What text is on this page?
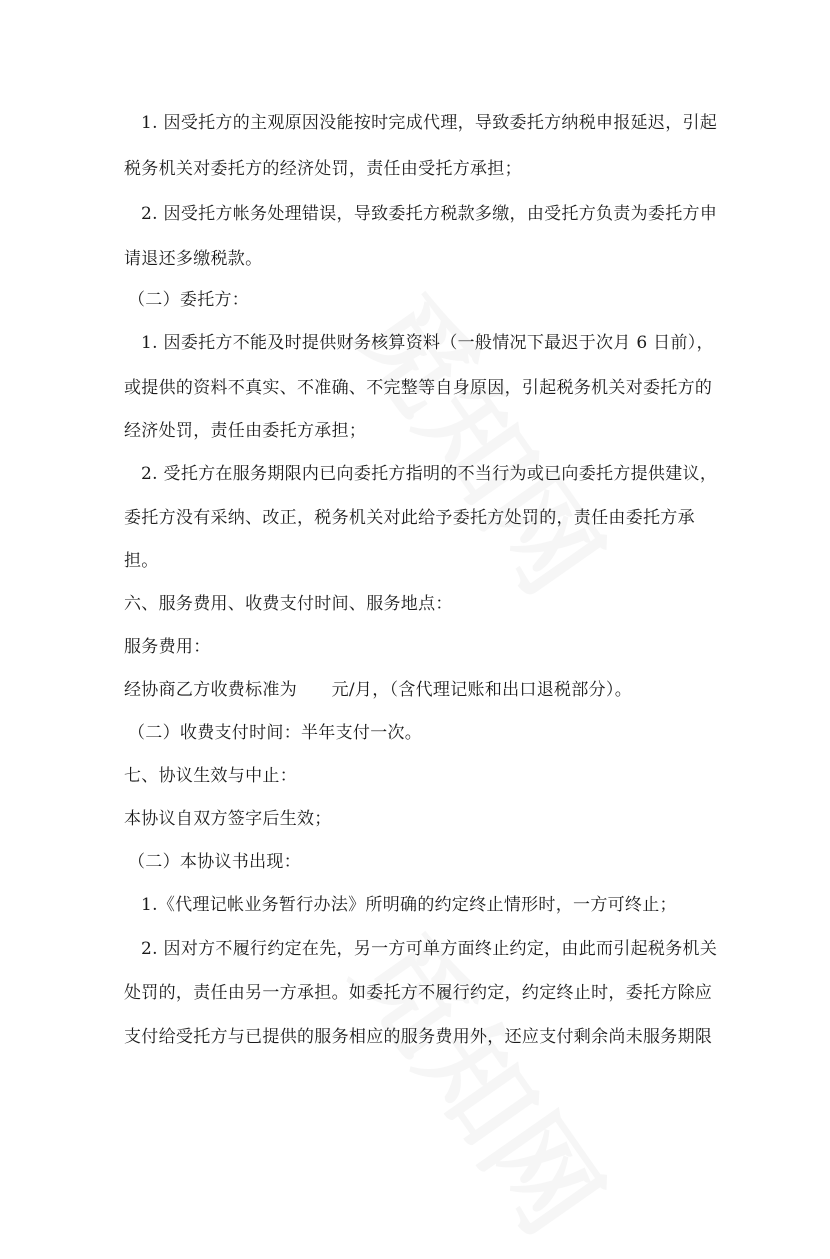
1. 因受托方的主观原因没能按时完成代理，导致委托方纳税申报延迟，引起
税务机关对委托方的经济处罚，责任由受托方承担；
2. 因受托方帐务处理错误，导致委托方税款多缴，由受托方负责为委托方申
请退还多缴税款。
（二）委托方：
1. 因委托方不能及时提供财务核算资料（一般情况下最迟于次月 6 日前），
或提供的资料不真实、不准确、不完整等自身原因，引起税务机关对委托方的
经济处罚，责任由委托方承担；
2. 受托方在服务期限内已向委托方指明的不当行为或已向委托方提供建议，
委托方没有采纳、改正，税务机关对此给予委托方处罚的，责任由委托方承
担。
六、服务费用、收费支付时间、服务地点：
服务费用：
经协商乙方收费标准为　　元/月，（含代理记账和出口退税部分）。
（二）收费支付时间：半年支付一次。
七、协议生效与中止：
本协议自双方签字后生效；
（二）本协议书出现：
1.《代理记帐业务暂行办法》所明确的约定终止情形时，一方可终止；
2. 因对方不履行约定在先，另一方可单方面终止约定，由此而引起税务机关
处罚的，责任由另一方承担。如委托方不履行约定，约定终止时，委托方除应
支付给受托方与已提供的服务相应的服务费用外，还应支付剩余尚未服务期限
